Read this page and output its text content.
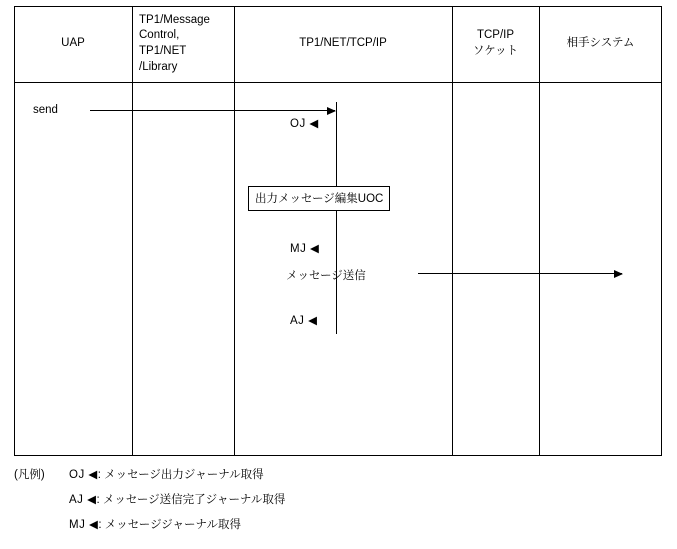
UAP
TP1/Message
Control,
TP1/NET
/Library
TP1/NET/TCP/IP
TCP/IP
ソケット
相手システム
send
OJ ◀
出力メッセージ編集UOC
MJ ◀
メッセージ送信
AJ ◀
(凡例) OJ ◀: メッセージ出力ジャーナル取得
AJ ◀: メッセージ送信完了ジャーナル取得
MJ ◀: メッセージジャーナル取得
